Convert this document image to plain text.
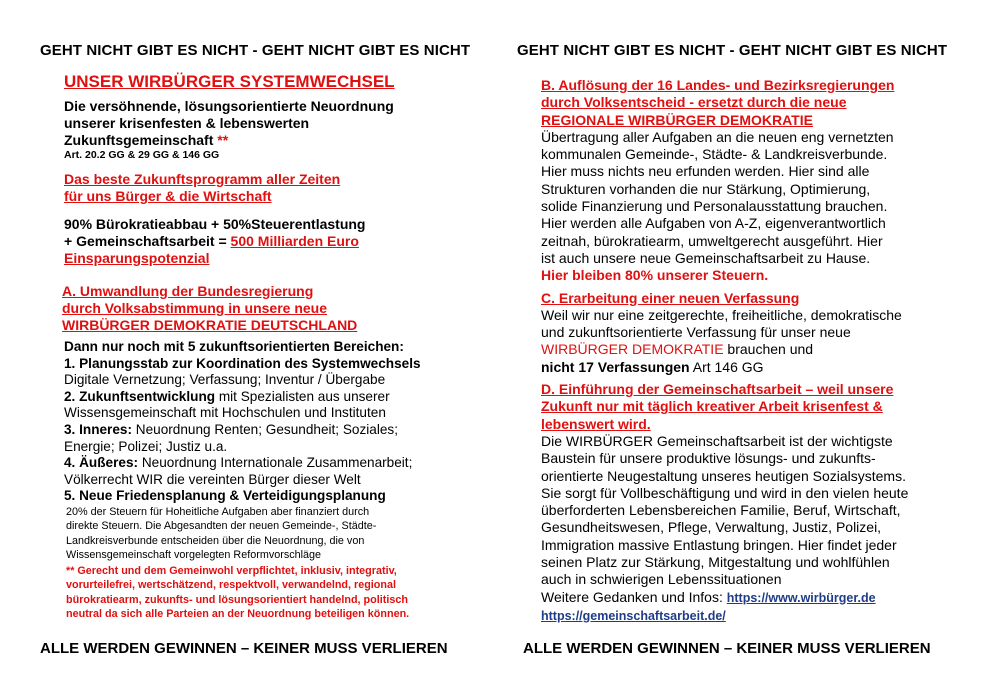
GEHT NICHT GIBT ES NICHT - GEHT NICHT GIBT ES NICHT	GEHT NICHT GIBT ES NICHT - GEHT NICHT GIBT ES NICHT
UNSER WIRBÜRGER SYSTEMWECHSEL
Die versöhnende, lösungsorientierte Neuordnung
unserer krisenfesten & lebenswerten
Zukunftsgemeinschaft **
Art. 20.2 GG & 29 GG & 146 GG
Das beste Zukunftsprogramm aller Zeiten
für uns Bürger & die Wirtschaft
90% Bürokratieabbau + 50%Steuerentlastung
+ Gemeinschaftsarbeit = 500 Milliarden Euro
Einsparungspotenzial
A. Umwandlung der Bundesregierung
durch Volksabstimmung in unsere neue
WIRBÜRGER DEMOKRATIE DEUTSCHLAND
Dann nur noch mit 5 zukunftsorientierten Bereichen:
1. Planungsstab zur Koordination des Systemwechsels
Digitale Vernetzung; Verfassung; Inventur / Übergabe
2. Zukunftsentwicklung mit Spezialisten aus unserer
Wissensgemeinschaft mit Hochschulen und Instituten
3. Inneres: Neuordnung Renten; Gesundheit; Soziales;
Energie; Polizei; Justiz u.a.
4. Äußeres: Neuordnung Internationale Zusammenarbeit;
Völkerrecht WIR die vereinten Bürger dieser Welt
5. Neue Friedensplanung & Verteidigungsplanung
20% der Steuern für Hoheitliche Aufgaben aber finanziert durch
direkte Steuern. Die Abgesandten der neuen Gemeinde-, Städte-
Landkreisverbunde entscheiden über die Neuordnung, die von
Wissensgemeinschaft vorgelegten Reformvorschläge
** Gerecht und dem Gemeinwohl verpflichtet, inklusiv, integrativ,
vorurteilefrei, wertschätzend, respektvoll, verwandelnd, regional
bürokratiearm, zukunfts- und lösungsorientiert handelnd, politisch
neutral da sich alle Parteien an der Neuordnung beteiligen können.
B. Auflösung der 16 Landes- und Bezirksregierungen
durch Volksentscheid - ersetzt durch die neue
REGIONALE WIRBÜRGER DEMOKRATIE
Übertragung aller Aufgaben an die neuen eng vernetzten
kommunalen Gemeinde-, Städte- & Landkreisverbunde.
Hier muss nichts neu erfunden werden. Hier sind alle
Strukturen vorhanden die nur Stärkung, Optimierung,
solide Finanzierung und Personalausstattung brauchen.
Hier werden alle Aufgaben von A-Z, eigenverantwortlich
zeitnah, bürokratiearm, umweltgerecht ausgeführt. Hier
ist auch unsere neue Gemeinschaftsarbeit zu Hause.
Hier bleiben 80% unserer Steuern.
C. Erarbeitung einer neuen Verfassung
Weil wir nur eine zeitgerechte, freiheitliche, demokratische
und zukunftsorientierte Verfassung für unser neue
WIRBÜRGER DEMOKRATIE brauchen und
nicht 17 Verfassungen Art 146 GG
D. Einführung der Gemeinschaftsarbeit – weil unsere
Zukunft nur mit täglich kreativer Arbeit krisenfest &
lebenswert wird.
Die WIRBÜRGER Gemeinschaftsarbeit ist der wichtigste
Baustein für unsere produktive lösungs- und zukunfts-
orientierte Neugestaltung unseres heutigen Sozialsystems.
Sie sorgt für Vollbeschäftigung und wird in den vielen heute
überforderten Lebensbereichen Familie, Beruf, Wirtschaft,
Gesundheitswesen, Pflege, Verwaltung, Justiz, Polizei,
Immigration massive Entlastung bringen. Hier findet jeder
seinen Platz zur Stärkung, Mitgestaltung und wohlfühlen
auch in schwierigen Lebenssituationen
Weitere Gedanken und Infos: https://www.wirbürger.de
https://gemeinschaftsarbeit.de/
ALLE WERDEN GEWINNEN – KEINER MUSS VERLIEREN	ALLE WERDEN GEWINNEN – KEINER MUSS VERLIEREN
